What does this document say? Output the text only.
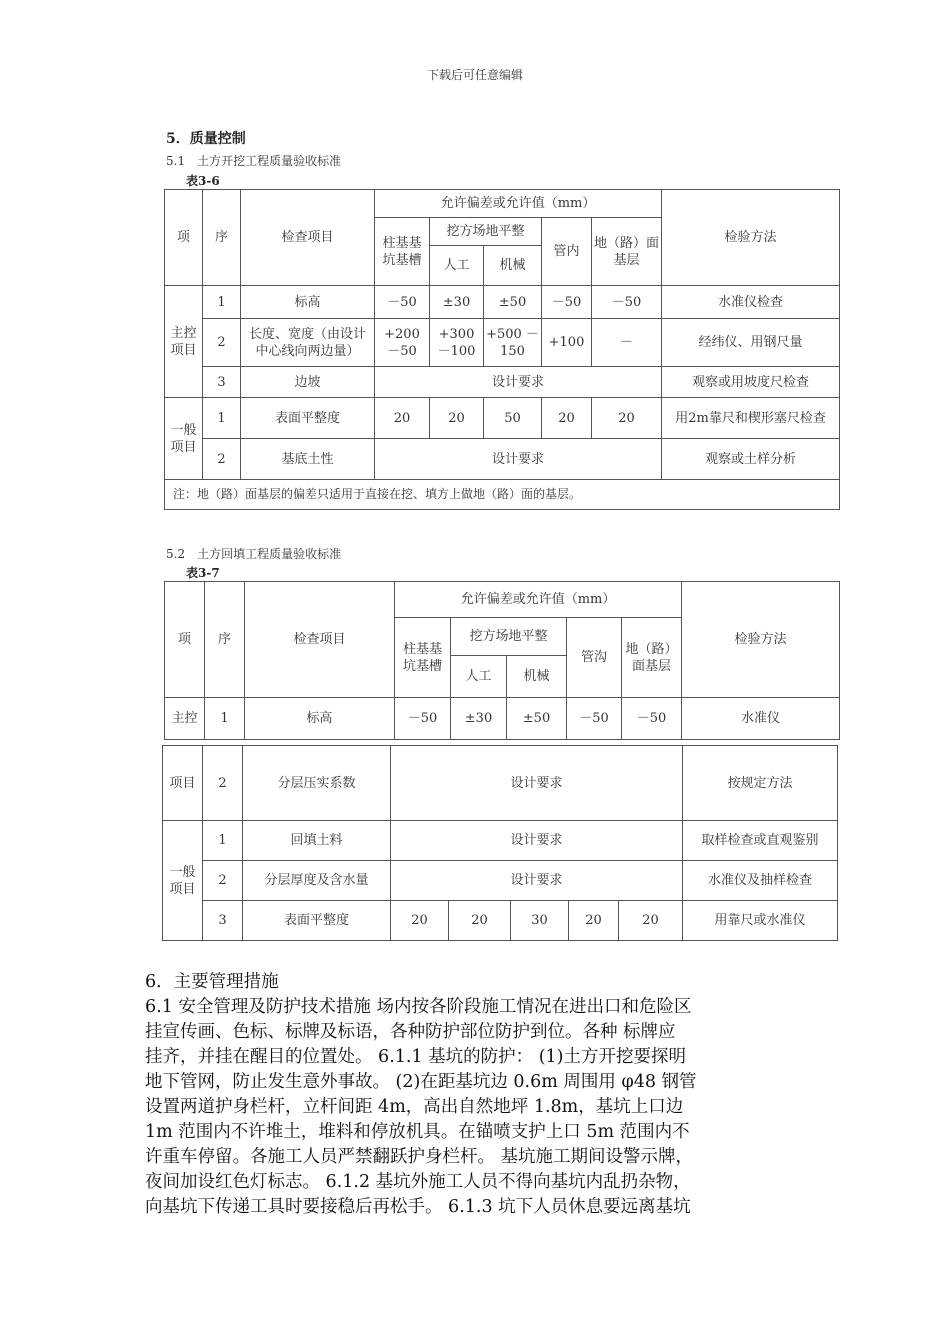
下载后可任意编辑
5．质量控制
5.1　土方开挖工程质量验收标准
表3-6
项	序	检查项目	允许偏差或允许值（mm）					检验方法
			柱基基坑基槽	挖方场地平整		管内	地（路）面基层	
				人工	机械			
主控项目	1	标高	－50	±30	±50	－50	－50	水准仪检查
	2	长度、宽度（由设计中心线向两边量）	+200 －50	+300 －100	+500 －150	+100	－	经纬仪、用钢尺量
	3	边坡	设计要求					观察或用坡度尺检查
一般项目	1	表面平整度	20	20	50	20	20	用2m靠尺和楔形塞尺检查
	2	基底土性	设计要求					观察或土样分析
注：地（路）面基层的偏差只适用于直接在挖、填方上做地（路）面的基层。								
5.2　土方回填工程质量验收标准
表3-7
项	序	检查项目	允许偏差或允许值（mm）					检验方法
			柱基基坑基槽	挖方场地平整		管沟	地（路）面基层	
				人工	机械			
主控	1	标高	－50	±30	±50	－50	－50	水准仪
项目	2	分层压实系数	设计要求					按规定方法
一般项目	1	回填土料	设计要求					取样检查或直观鉴别
	2	分层厚度及含水量	设计要求					水准仪及抽样检查
	3	表面平整度	20	20	30	20	20	用靠尺或水准仪

6．主要管理措施

6.1 安全管理及防护技术措施 场内按各阶段施工情况在进出口和危险区

挂宣传画、色标、标牌及标语，各种防护部位防护到位。各种 标牌应

挂齐，并挂在醒目的位置处。 6.1.1 基坑的防护： (1)土方开挖要探明

地下管网，防止发生意外事故。 (2)在距基坑边 0.6m 周围用 φ48 钢管

设置两道护身栏杆，立杆间距 4m，高出自然地坪 1.8m，基坑上口边

1m 范围内不许堆土，堆料和停放机具。在锚喷支护上口 5m 范围内不

许重车停留。各施工人员严禁翻跃护身栏杆。 基坑施工期间设警示牌，

夜间加设红色灯标志。 6.1.2 基坑外施工人员不得向基坑内乱扔杂物，

向基坑下传递工具时要接稳后再松手。 6.1.3 坑下人员休息要远离基坑
